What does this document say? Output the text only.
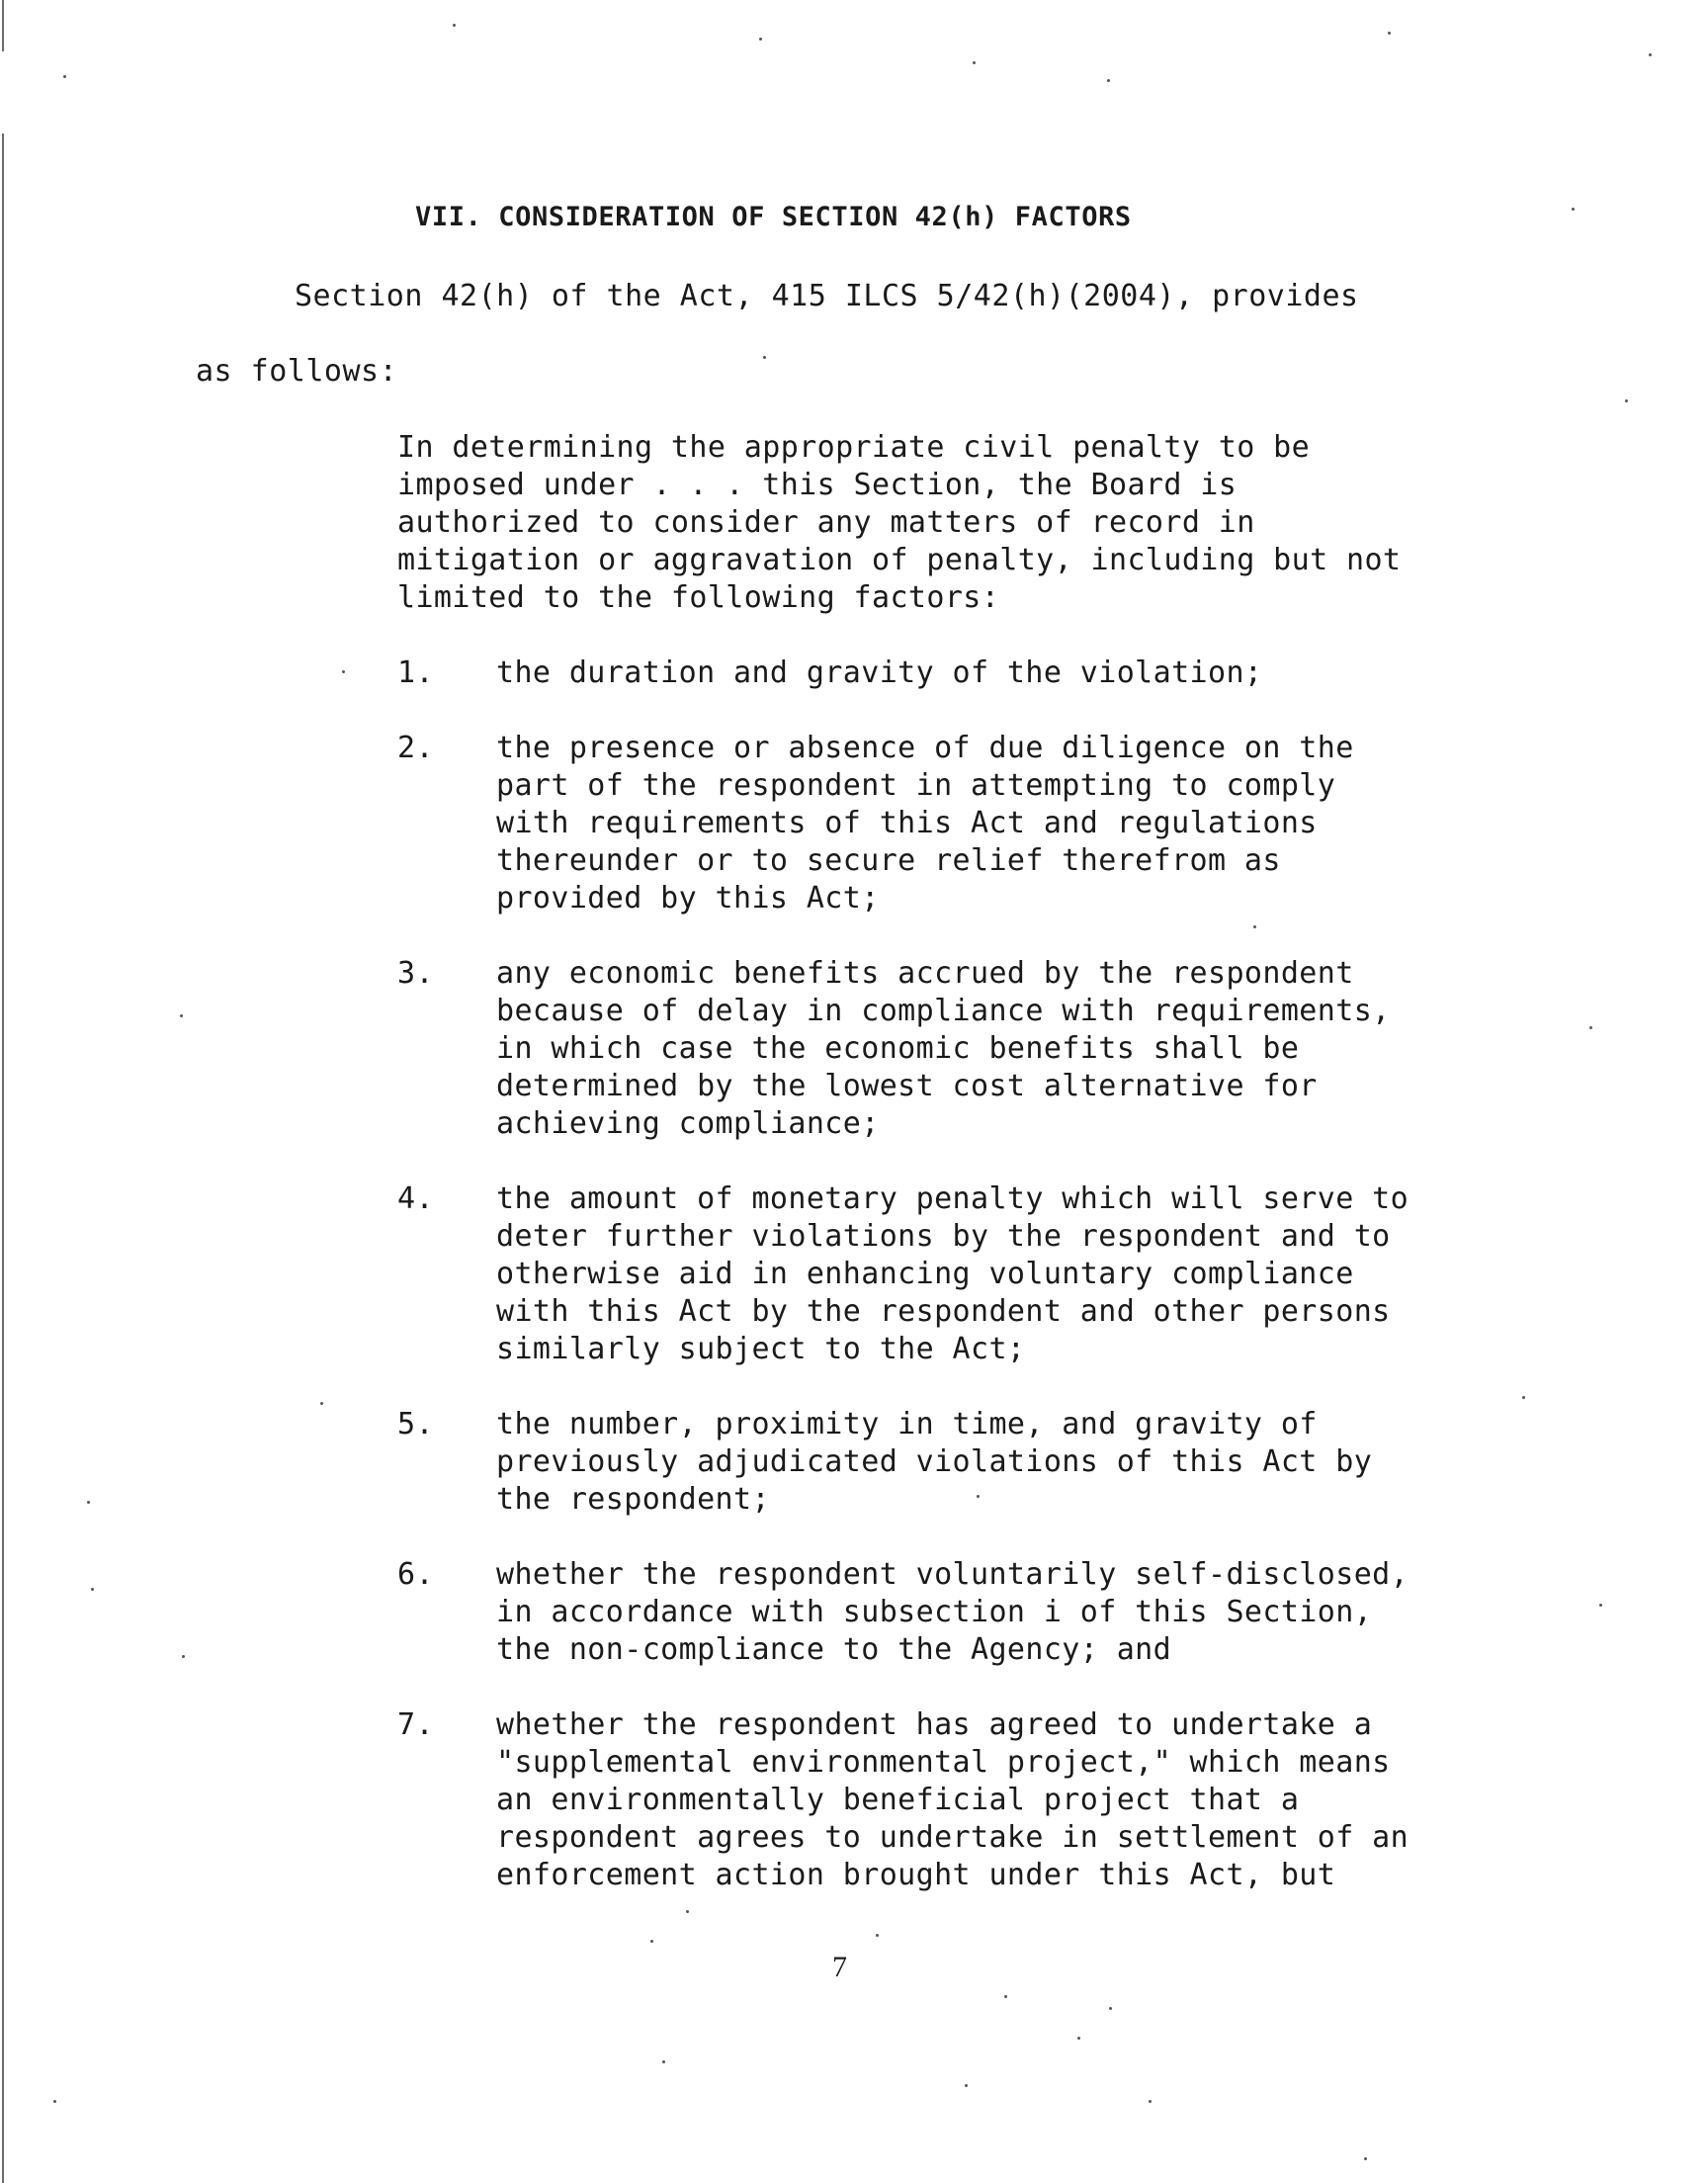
VII. CONSIDERATION OF SECTION 42(h) FACTORS
Section 42(h) of the Act, 415 ILCS 5/42(h)(2004), provides
as follows:

In determining the appropriate civil penalty to be
imposed under . . . this Section, the Board is
authorized to consider any matters of record in
mitigation or aggravation of penalty, including but not
limited to the following factors:

1. the duration and gravity of the violation;
2. the presence or absence of due diligence on the
part of the respondent in attempting to comply
with requirements of this Act and regulations
thereunder or to secure relief therefrom as
provided by this Act;
3. any economic benefits accrued by the respondent
because of delay in compliance with requirements,
in which case the economic benefits shall be
determined by the lowest cost alternative for
achieving compliance;
4. the amount of monetary penalty which will serve to
deter further violations by the respondent and to
otherwise aid in enhancing voluntary compliance
with this Act by the respondent and other persons
similarly subject to the Act;
5. the number, proximity in time, and gravity of
previously adjudicated violations of this Act by
the respondent;
6. whether the respondent voluntarily self-disclosed,
in accordance with subsection i of this Section,
the non-compliance to the Agency; and
7. whether the respondent has agreed to undertake a
"supplemental environmental project," which means
an environmentally beneficial project that a
respondent agrees to undertake in settlement of an
enforcement action brought under this Act, but
7
